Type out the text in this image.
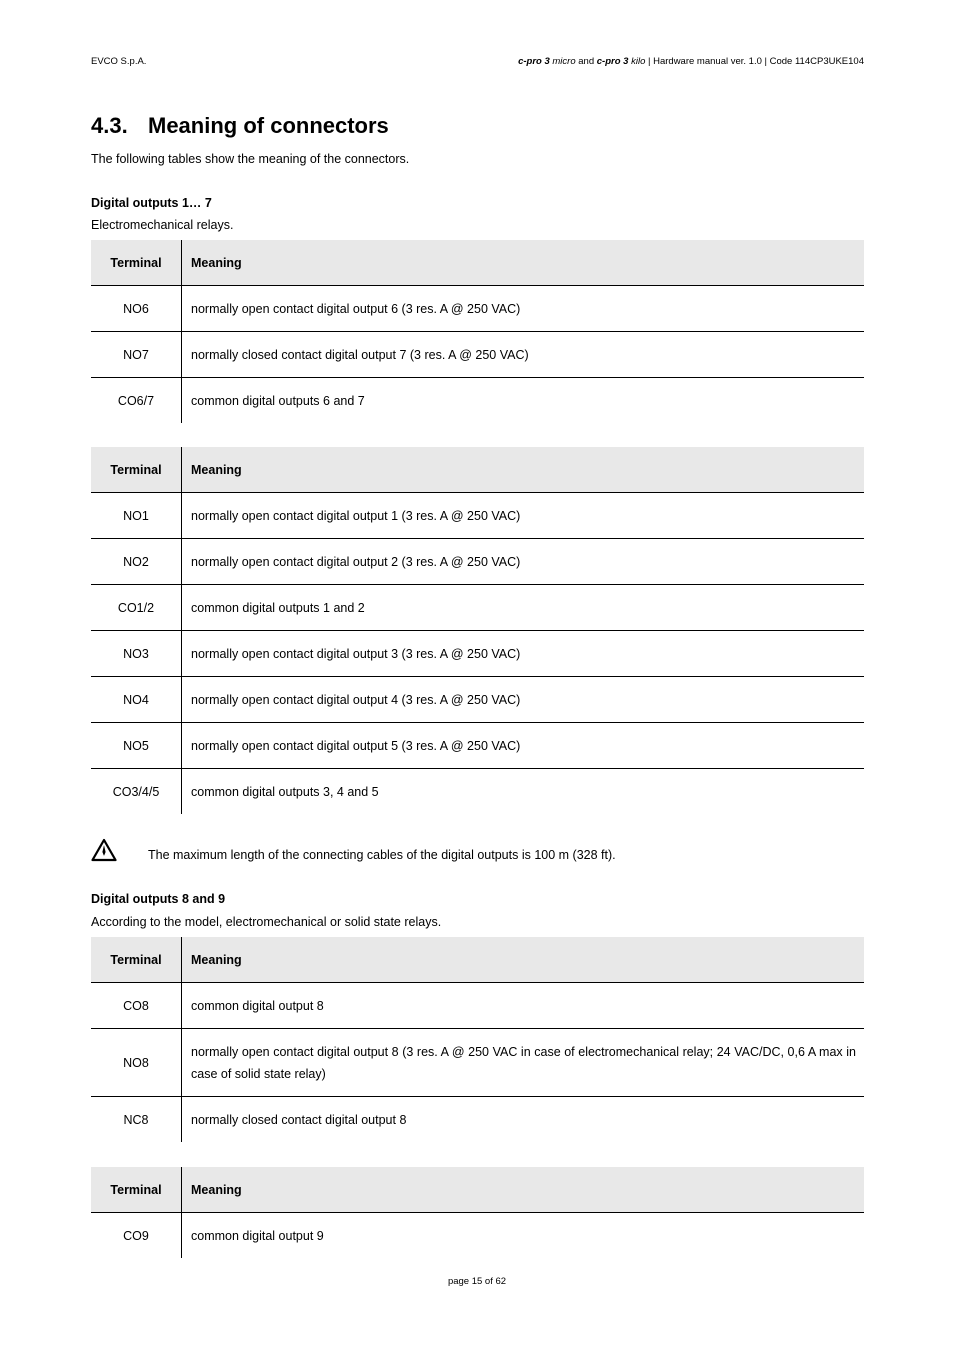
EVCO S.p.A.	c-pro 3 micro and c-pro 3 kilo | Hardware manual ver. 1.0 | Code 114CP3UKE104
4.3. Meaning of connectors

The following tables show the meaning of the connectors.

Digital outputs 1… 7

Electromechanical relays.

Terminal	Meaning
NO6	normally open contact digital output 6 (3 res. A @ 250 VAC)
NO7	normally closed contact digital output 7 (3 res. A @ 250 VAC)
CO6/7	common digital outputs 6 and 7
Terminal	Meaning
NO1	normally open contact digital output 1 (3 res. A @ 250 VAC)
NO2	normally open contact digital output 2 (3 res. A @ 250 VAC)
CO1/2	common digital outputs 1 and 2
NO3	normally open contact digital output 3 (3 res. A @ 250 VAC)
NO4	normally open contact digital output 4 (3 res. A @ 250 VAC)
NO5	normally open contact digital output 5 (3 res. A @ 250 VAC)
CO3/4/5	common digital outputs 3, 4 and 5
The maximum length of the connecting cables of the digital outputs is 100 m (328 ft).

Digital outputs 8 and 9

According to the model, electromechanical or solid state relays.

Terminal	Meaning
CO8	common digital output 8
NO8	normally open contact digital output 8 (3 res. A @ 250 VAC in case of electromechanical relay; 24 VAC/DC, 0,6 A max in case of solid state relay)
NC8	normally closed contact digital output 8
Terminal	Meaning
CO9	common digital output 9
page 15 of 62
